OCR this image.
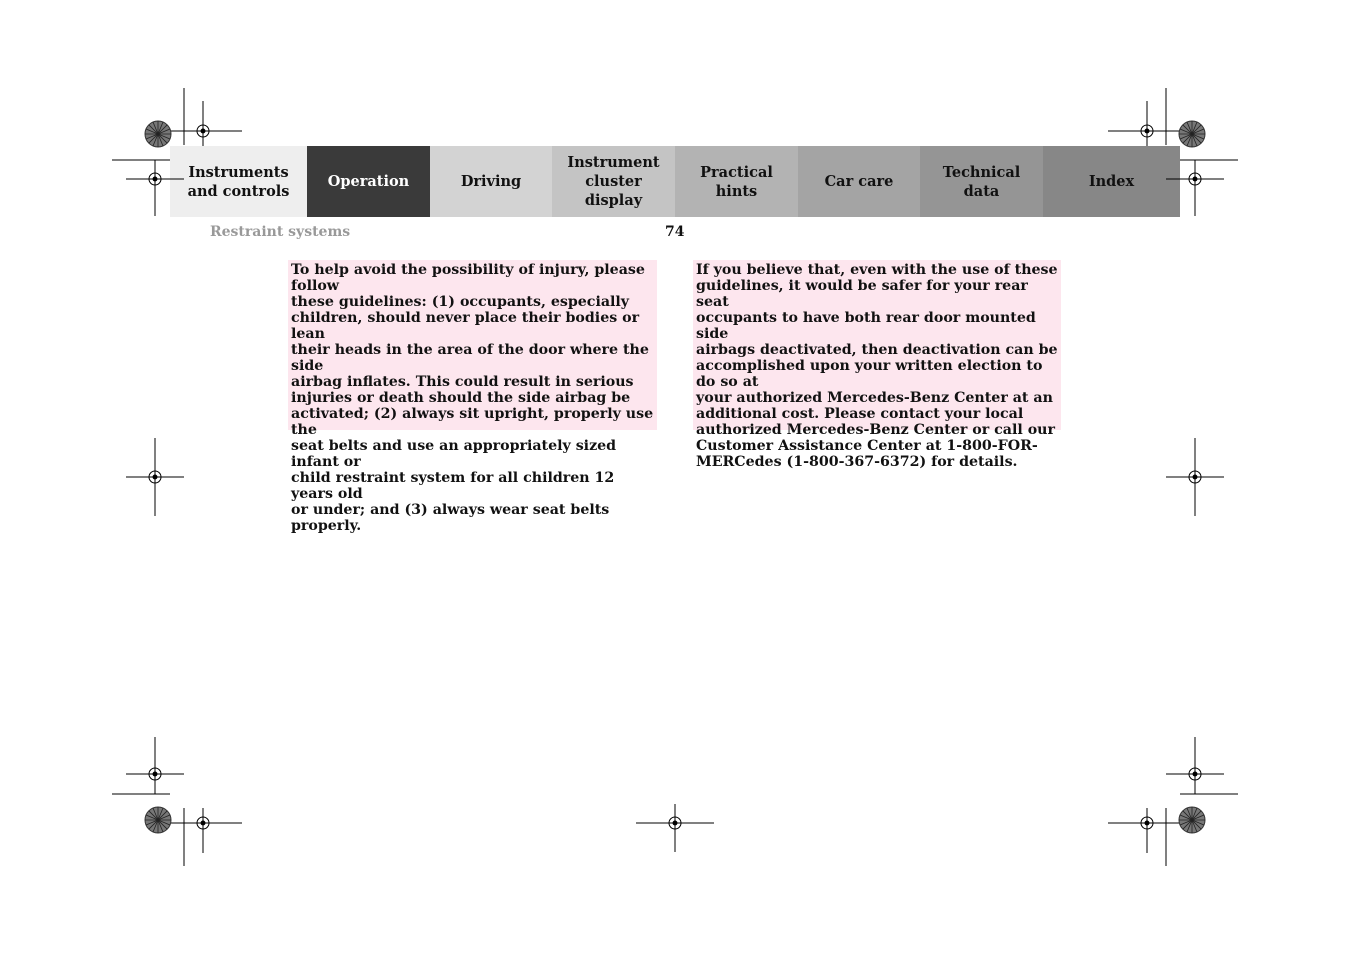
Instruments
and controls
Operation	Driving
Instrument
cluster display
Practical hints
Car care
Technical
data
Index
Restraint systems	74
To help avoid the possibility of injury, please follow
these guidelines: (1) occupants, especially
children, should never place their bodies or lean
their heads in the area of the door where the side
airbag inflates. This could result in serious
injuries or death should the side airbag be
activated; (2) always sit upright, properly use the
seat belts and use an appropriately sized infant or
child restraint system for all children 12 years old
or under; and (3) always wear seat belts properly.
If you believe that, even with the use of these
guidelines, it would be safer for your rear seat
occupants to have both rear door mounted side
airbags deactivated, then deactivation can be
accomplished upon your written election to do so at
your authorized Mercedes-Benz Center at an
additional cost. Please contact your local
authorized Mercedes-Benz Center or call our
Customer Assistance Center at 1-800-FOR-
MERCedes (1-800-367-6372) for details.
